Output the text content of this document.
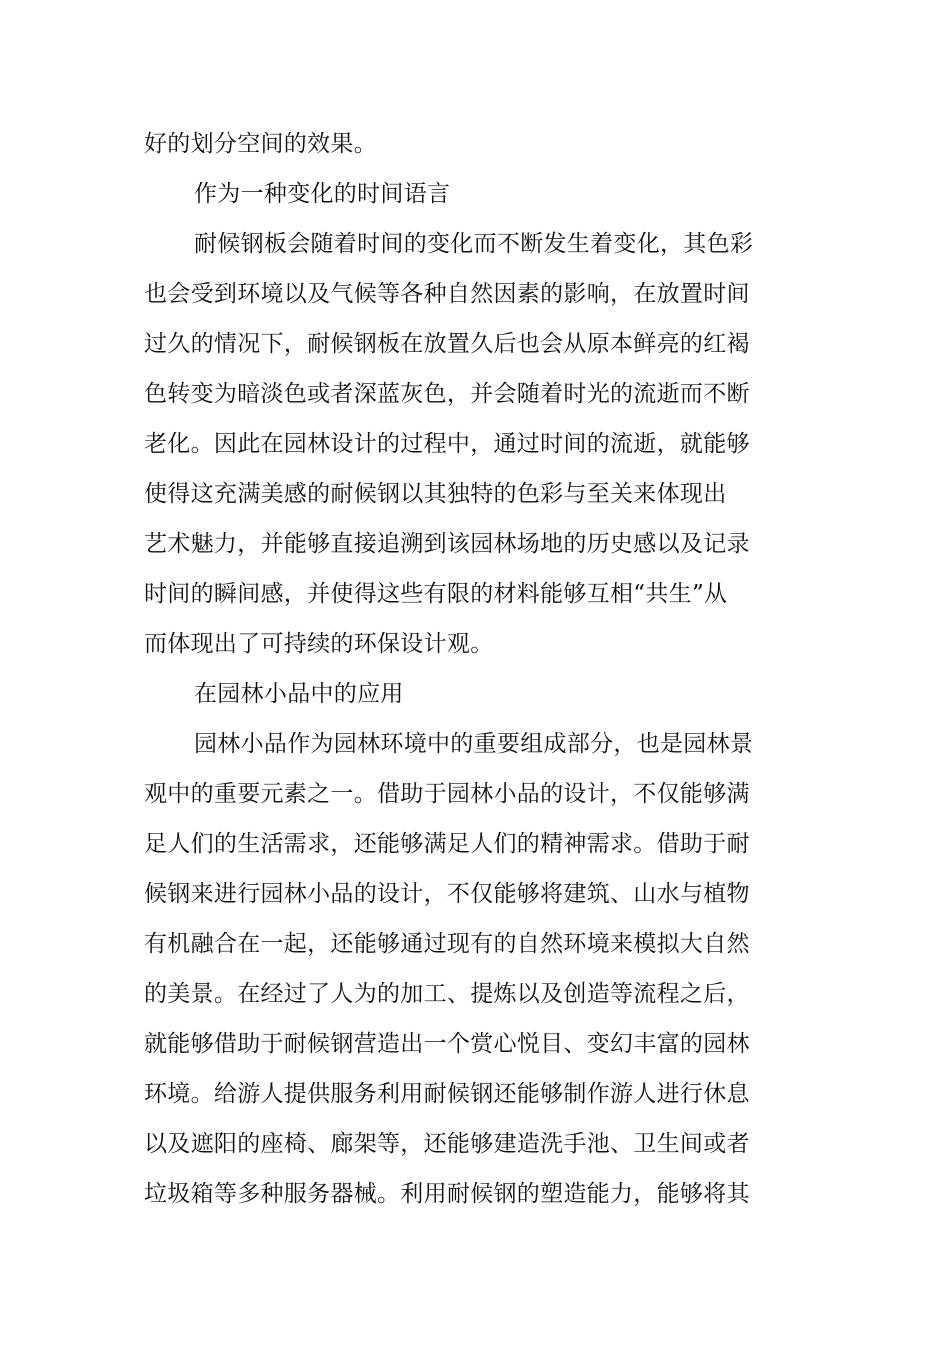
好的划分空间的效果。
作为一种变化的时间语言
耐候钢板会随着时间的变化而不断发生着变化，其色彩
也会受到环境以及气候等各种自然因素的影响，在放置时间
过久的情况下，耐候钢板在放置久后也会从原本鲜亮的红褐
色转变为暗淡色或者深蓝灰色，并会随着时光的流逝而不断
老化。因此在园林设计的过程中，通过时间的流逝，就能够
使得这充满美感的耐候钢以其独特的色彩与至关来体现出
艺术魅力，并能够直接追溯到该园林场地的历史感以及记录
时间的瞬间感，并使得这些有限的材料能够互相“共生”从
而体现出了可持续的环保设计观。
在园林小品中的应用
园林小品作为园林环境中的重要组成部分，也是园林景
观中的重要元素之一。借助于园林小品的设计，不仅能够满
足人们的生活需求，还能够满足人们的精神需求。借助于耐
候钢来进行园林小品的设计，不仅能够将建筑、山水与植物
有机融合在一起，还能够通过现有的自然环境来模拟大自然
的美景。在经过了人为的加工、提炼以及创造等流程之后，
就能够借助于耐候钢营造出一个赏心悦目、变幻丰富的园林
环境。给游人提供服务利用耐候钢还能够制作游人进行休息
以及遮阳的座椅、廊架等，还能够建造洗手池、卫生间或者
垃圾箱等多种服务器械。利用耐候钢的塑造能力，能够将其
